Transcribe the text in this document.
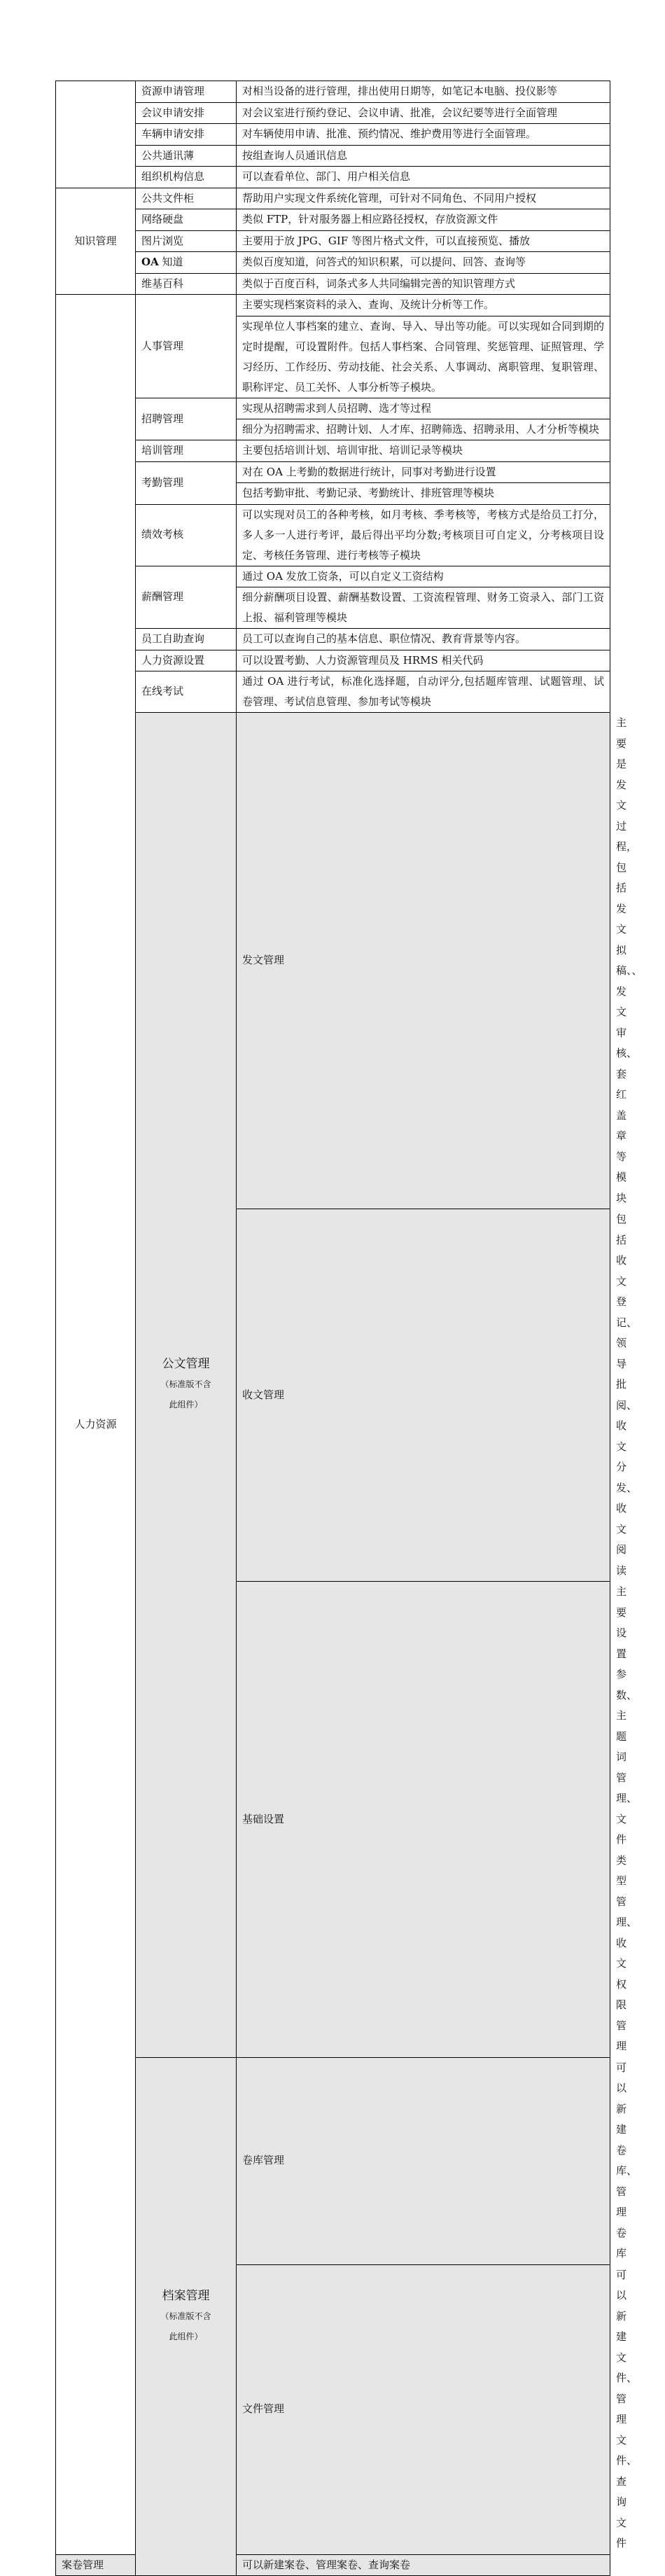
	资源申请管理	对相当设备的进行管理，排出使用日期等，如笔记本电脑、投仪影等	
	会议申请安排	对会议室进行预约登记、会议申请、批准，会议纪要等进行全面管理	
	车辆申请安排	对车辆使用申请、批准、预约情况、维护费用等进行全面管理。	
	公共通讯薄	按组查询人员通讯信息	
	组织机构信息	可以查看单位、部门、用户相关信息	
知识管理	公共文件柜	帮助用户实现文件系统化管理，可针对不同角色、不同用户授权	
	网络硬盘	类似 FTP，针对服务器上相应路径授权，存放资源文件	
	图片浏览	主要用于放 JPG、GIF 等图片格式文件，可以直接预览、播放	
	OA 知道	类似百度知道，问答式的知识积累，可以提问、回答、查询等	
	维基百科	类似于百度百科，词条式多人共同编辑完善的知识管理方式	
人力资源	人事管理	主要实现档案资料的录入、查询、及统计分析等工作。	
		实现单位人事档案的建立、查询、导入、导出等功能。可以实现如合同到期的定时提醒，可设置附件。包括人事档案、合同管理、奖惩管理、证照管理、学习经历、工作经历、劳动技能、社会关系、人事调动、离职管理、复职管理、职称评定、员工关怀、人事分析等子模块。	
	招聘管理	实现从招聘需求到人员招聘、选才等过程	
		细分为招聘需求、招聘计划、人才库、招聘筛选、招聘录用、人才分析等模块	
	培训管理	主要包括培训计划、培训审批、培训记录等模块	
	考勤管理	对在 OA 上考勤的数据进行统计，同事对考勤进行设置	
		包括考勤审批、考勤记录、考勤统计、排班管理等模块	
	绩效考核	可以实现对员工的各种考核，如月考核、季考核等，考核方式是给员工打分，多人多一人进行考评，最后得出平均分数;考核项目可自定义，分考核项目设定、考核任务管理、进行考核等子模块	
	薪酬管理	通过 OA 发放工资条，可以自定义工资结构	
		细分薪酬项目设置、薪酬基数设置、工资流程管理、财务工资录入、部门工资上报、福利管理等模块	
	员工自助查询	员工可以查询自己的基本信息、职位情况、教育背景等内容。	
	人力资源设置	可以设置考勤、人力资源管理员及 HRMS 相关代码	
	在线考试	通过 OA 进行考试，标准化选择题，自动评分,包括题库管理、试题管理、试卷管理、考试信息管理、参加考试等模块	

	公文管理
（标准版不含
此组件）	发文管理	主要是发文过程，包括发文拟稿、、发文审核、套红盖章等模块
		收文管理	包括收文登记、领导批阅、收文分发、收文阅读
		基础设置	主要设置参数、主题词管理、文件类型管理、收文权限管理

	档案管理
（标准版不含
此组件）	卷库管理	可以新建卷库、管理卷库
		文件管理	可以新建文件、管理文件、查询文件
案卷管理		可以新建案卷、管理案卷、查询案卷	
